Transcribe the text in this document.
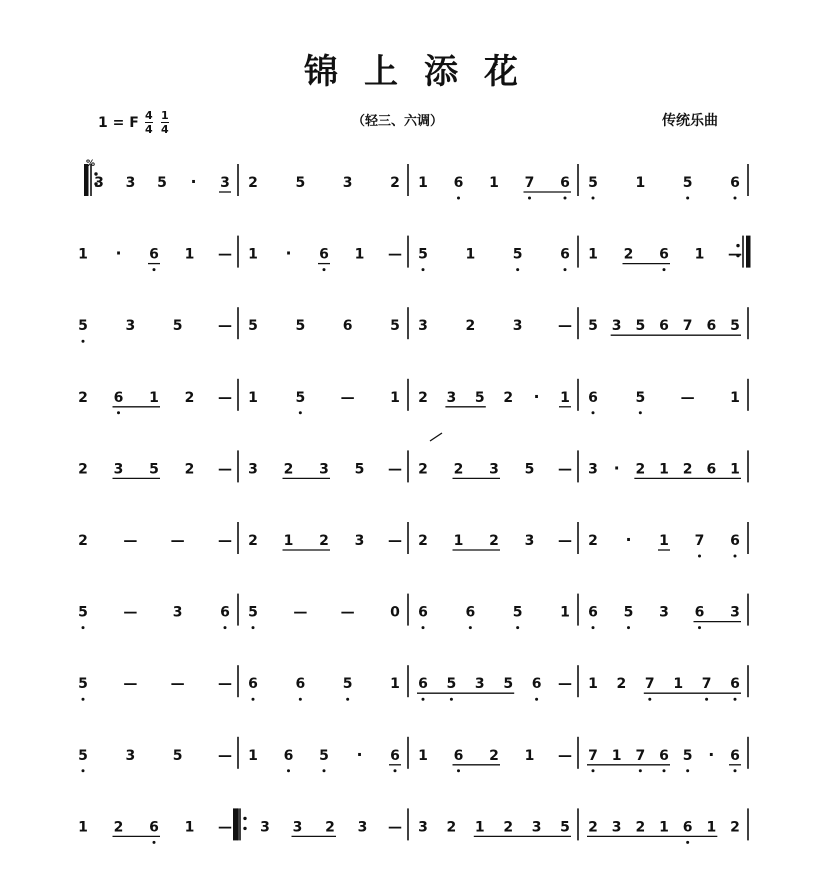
锦上添花
1 = F $\frac{4}{4} \frac{1}{4}$	（轻三、六调）	传统乐曲
3 3 5 · 3 2	5	3	2 1 6 1 7 6 5	1	5	6
1 · 6 1 — 1 · 6 1 — 5	1	5	6 1 2 6 1 —
5	3	5	— 5	5	6	5 3	2	3	— 5 3 5 6 7 6 5
2 6 1 2 — 1	5	—	1 2 3 5 2 · 1 6	5	—	1
2 3 5 2 — 3 2 3 5 — 2 2 3 5 — 3 · 2 1 2 6 1
2	— — — 2 1 2 3 — 2 1 2 3 — 2 · 1 7 6
5	—	3	6 5	— —	0 6	6	5	1 6 5 3 6 3
5	— — — 6	6	5	1 6 5 3 5 6 — 1 2 7 1 7 6
5	3	5	— 1 6 5 · 6 1 6 2 1 — 7 1 7 6 5 · 6
1 2 6 1 — 3 3 2 3 — 3 2 1 2 3 5 2 3 2 1 6 1 2
%
